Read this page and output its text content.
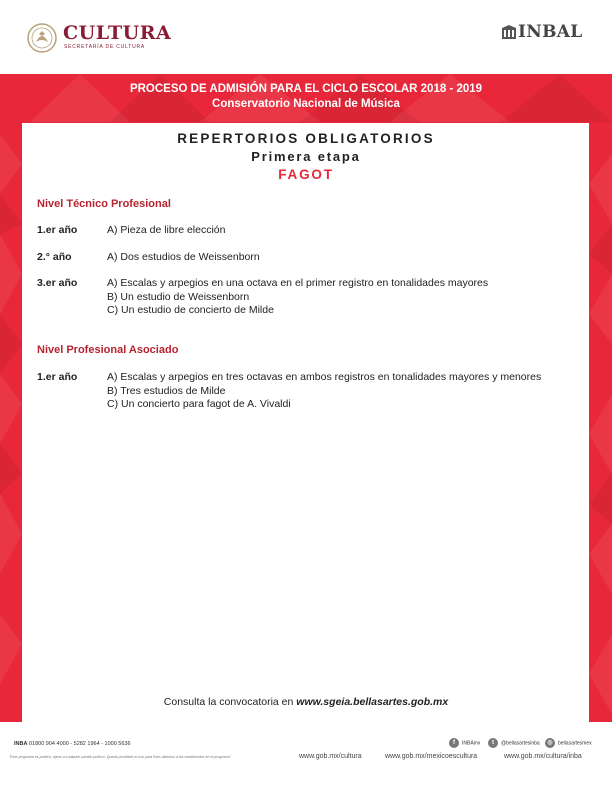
CULTURA
SECRETARÍA DE CULTURA
INBAL
PROCESO DE ADMISIÓN PARA EL CICLO ESCOLAR 2018 - 2019
Conservatorio Nacional de Música
REPERTORIOS OBLIGATORIOS
Primera etapa
FAGOT
Nivel Técnico Profesional
1.er año	A) Pieza de libre elección
2.° año	A) Dos estudios de Weissenborn
3.er año	A) Escalas y arpegios en una octava en el primer registro en tonalidades mayores
B) Un estudio de Weissenborn
C) Un estudio de concierto de Milde
Nivel Profesional Asociado
1.er año	A) Escalas y arpegios en tres octavas en ambos registros en tonalidades mayores y menores
B) Tres estudios de Milde
C) Un concierto para fagot de A. Vivaldi
Consulta la convocatoria en www.sgeia.bellasartes.gob.mx
INBA 01800 904 4000 - 5282 1964 - 1000 5636
"Este programa es público, ajeno a cualquier partido político. Queda prohibido el uso para fines distintos a los establecidos en el programa"
f INBAmx	t @bellasartesinba	◎ bellasartesmex
www.gob.mx/cultura	www.gob.mx/mexicoescultura	www.gob.mx/cultura/inba
